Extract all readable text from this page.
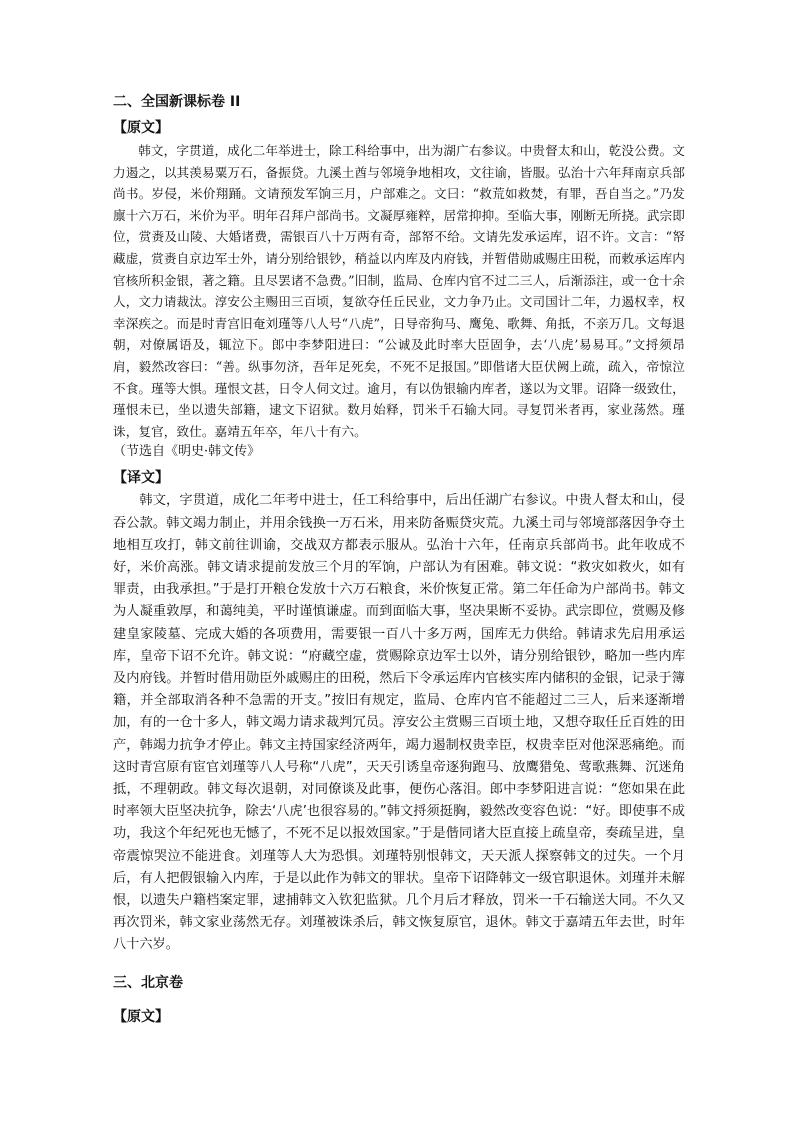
二、全国新课标卷 II

【原文】

韩文，字贯道，成化二年举进士，除工科给事中，出为湖广右参议。中贵督太和山，乾没公费。文力遏之，以其羡易粟万石，备振贷。九溪土酋与邻境争地相攻，文往谕，皆服。弘治十六年拜南京兵部尚书。岁侵，米价翔踊。文请预发军饷三月，户部难之。文曰：“救荒如救焚，有罪，吾自当之。”乃发廪十六万石，米价为平。明年召拜户部尚书。文凝厚雍粹，居常抑抑。至临大事，刚断无所挠。武宗即位，赏赉及山陵、大婚诸费，需银百八十万两有奇，部帑不给。文请先发承运库，诏不许。文言：“帑藏虚，赏赉自京边军士外，请分别给银钞，稍益以内库及内府钱，并暂借勋戚赐庄田税，而敕承运库内官核所积金银，著之籍。且尽罢诸不急费。”旧制，监局、仓库内官不过二三人，后渐添注，或一仓十余人，文力请裁汰。淳安公主赐田三百顷，复欲夺任丘民业，文力争乃止。文司国计二年，力遏权幸，权幸深疾之。而是时青宫旧奄刘瑾等八人号“八虎”，日导帝狗马、鹰兔、歌舞、角抵，不亲万几。文每退朝，对僚属语及，辄泣下。郎中李梦阳进曰：“公诚及此时率大臣固争，去‘八虎’易易耳。”文捋须昂肩，毅然改容曰：“善。纵事勿济，吾年足死矣，不死不足报国。”即偕诸大臣伏阙上疏，疏入，帝惊泣不食。瑾等大惧。瑾恨文甚，日令人伺文过。逾月，有以伪银输内库者，遂以为文罪。诏降一级致仕，瑾恨未已，坐以遗失部籍，逮文下诏狱。数月始释，罚米千石输大同。寻复罚米者再，家业荡然。瑾诛，复官，致仕。嘉靖五年卒，年八十有六。

（节选自《明史·韩文传》

【译文】

韩文，字贯道，成化二年考中进士，任工科给事中，后出任湖广右参议。中贵人督太和山，侵吞公款。韩文竭力制止，并用余钱换一万石米，用来防备赈贷灾荒。九溪土司与邻境部落因争夺土地相互攻打，韩文前往训谕，交战双方都表示服从。弘治十六年，任南京兵部尚书。此年收成不好，米价高涨。韩文请求提前发放三个月的军饷，户部认为有困难。韩文说：“救灾如救火，如有罪责，由我承担。”于是打开粮仓发放十六万石粮食，米价恢复正常。第二年任命为户部尚书。韩文为人凝重敦厚，和蔼纯美，平时谨慎谦虚。而到面临大事，坚决果断不妥协。武宗即位，赏赐及修建皇家陵墓、完成大婚的各项费用，需要银一百八十多万两，国库无力供给。韩请求先启用承运库，皇帝下诏不允许。韩文说：“府藏空虚，赏赐除京边军士以外，请分别给银钞，略加一些内库及内府钱。并暂时借用勋臣外戚赐庄的田税，然后下令承运库内官核实库内储积的金银，记录于簿籍，并全部取消各种不急需的开支。”按旧有规定，监局、仓库内官不能超过二三人，后来逐渐增加，有的一仓十多人，韩文竭力请求裁判冗员。淳安公主赏赐三百顷土地，又想夺取任丘百姓的田产，韩竭力抗争才停止。韩文主持国家经济两年，竭力遏制权贵幸臣，权贵幸臣对他深恶痛绝。而这时青宫原有宦官刘瑾等八人号称“八虎”，天天引诱皇帝逐狗跑马、放鹰猎兔、莺歌燕舞、沉迷角抵，不理朝政。韩文每次退朝，对同僚谈及此事，便伤心落泪。郎中李梦阳进言说：“您如果在此时率领大臣坚决抗争，除去‘八虎’也很容易的。”韩文捋须挺胸，毅然改变容色说：“好。即使事不成功，我这个年纪死也无憾了，不死不足以报效国家。”于是偕同诸大臣直接上疏皇帝，奏疏呈进，皇帝震惊哭泣不能进食。刘瑾等人大为恐惧。刘瑾特别恨韩文，天天派人探察韩文的过失。一个月后，有人把假银输入内库，于是以此作为韩文的罪状。皇帝下诏降韩文一级官职退休。刘瑾并未解恨，以遗失户籍档案定罪，逮捕韩文入钦犯监狱。几个月后才释放，罚米一千石输送大同。不久又再次罚米，韩文家业荡然无存。刘瑾被诛杀后，韩文恢复原官，退休。韩文于嘉靖五年去世，时年八十六岁。

三、北京卷

【原文】
